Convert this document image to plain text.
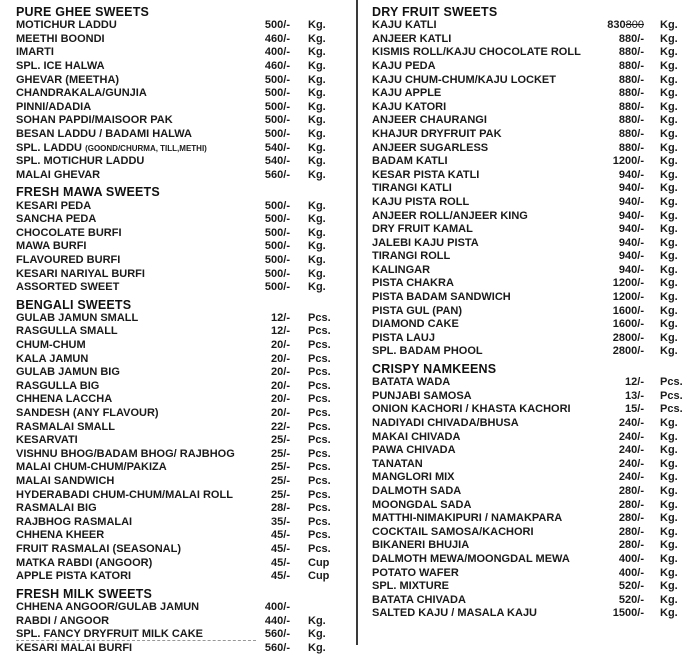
PURE GHEE SWEETS
MOTICHUR LADDU	500/- Kg.
MEETHI BOONDI	460/- Kg.
IMARTI	400/- Kg.
SPL. ICE HALWA	460/- Kg.
GHEVAR (MEETHA)	500/- Kg.
CHANDRAKALA/GUNJIA	500/- Kg.
PINNI/ADADIA	500/- Kg.
SOHAN PAPDI/MAISOOR PAK	500/- Kg.
BESAN LADDU / BADAMI HALWA	500/- Kg.
SPL. LADDU (GOOND/CHURMA, TILL,METHI)	540/- Kg.
SPL. MOTICHUR LADDU	540/- Kg.
MALAI GHEVAR	560/- Kg.
FRESH MAWA SWEETS
KESARI PEDA	500/- Kg.
SANCHA PEDA	500/- Kg.
CHOCOLATE BURFI	500/- Kg.
MAWA BURFI	500/- Kg.
FLAVOURED BURFI	500/- Kg.
KESARI NARIYAL BURFI	500/- Kg.
ASSORTED SWEET	500/- Kg.
BENGALI SWEETS
GULAB JAMUN SMALL	12/- Pcs.
RASGULLA SMALL	12/- Pcs.
CHUM-CHUM	20/- Pcs.
KALA JAMUN	20/- Pcs.
GULAB JAMUN BIG	20/- Pcs.
RASGULLA BIG	20/- Pcs.
CHHENA LACCHA	20/- Pcs.
SANDESH (ANY FLAVOUR)	20/- Pcs.
RASMALAI SMALL	22/- Pcs.
KESARVATI	25/- Pcs.
VISHNU BHOG/BADAM BHOG/ RAJBHOG	25/- Pcs.
MALAI CHUM-CHUM/PAKIZA	25/- Pcs.
MALAI SANDWICH	25/- Pcs.
HYDERABADI CHUM-CHUM/MALAI ROLL	25/- Pcs.
RASMALAI BIG	28/- Pcs.
RAJBHOG RASMALAI	35/- Pcs.
CHHENA KHEER	45/- Pcs.
FRUIT RASMALAI (SEASONAL)	45/- Pcs.
MATKA RABDI (ANGOOR)	45/- Cup
APPLE PISTA KATORI	45/- Cup
FRESH MILK SWEETS
CHHENA ANGOOR/GULAB JAMUN	400/-
RABDI / ANGOOR	440/- Kg.
SPL. FANCY DRYFRUIT MILK CAKE	560/- Kg.
KESARI MALAI BURFI	560/- Kg.
DRY FRUIT SWEETS
KAJU KATLI	830800 Kg.
ANJEER KATLI	880/- Kg.
KISMIS ROLL/KAJU CHOCOLATE ROLL	880/- Kg.
KAJU PEDA	880/- Kg.
KAJU CHUM-CHUM/KAJU LOCKET	880/- Kg.
KAJU APPLE	880/- Kg.
KAJU KATORI	880/- Kg.
ANJEER CHAURANGI	880/- Kg.
KHAJUR DRYFRUIT PAK	880/- Kg.
ANJEER SUGARLESS	880/- Kg.
BADAM KATLI	1200/- Kg.
KESAR PISTA KATLI	940/- Kg.
TIRANGI KATLI	940/- Kg.
KAJU PISTA ROLL	940/- Kg.
ANJEER ROLL/ANJEER KING	940/- Kg.
DRY FRUIT KAMAL	940/- Kg.
JALEBI KAJU PISTA	940/- Kg.
TIRANGI ROLL	940/- Kg.
KALINGAR	940/- Kg.
PISTA CHAKRA	1200/- Kg.
PISTA BADAM SANDWICH	1200/- Kg.
PISTA GUL (PAN)	1600/- Kg.
DIAMOND CAKE	1600/- Kg.
PISTA LAUJ	2800/- Kg.
SPL. BADAM PHOOL	2800/- Kg.
CRISPY NAMKEENS
BATATA WADA	12/- Pcs.
PUNJABI SAMOSA	13/- Pcs.
ONION KACHORI / KHASTA KACHORI	15/- Pcs.
NADIYADI CHIVADA/BHUSA	240/- Kg.
MAKAI CHIVADA	240/- Kg.
PAWA CHIVADA	240/- Kg.
TANATAN	240/- Kg.
MANGLORI MIX	240/- Kg.
DALMOTH SADA	280/- Kg.
MOONGDAL SADA	280/- Kg.
MATTHI-NIMAKIPURI / NAMAKPARA	280/- Kg.
COCKTAIL SAMOSA/KACHORI	280/- Kg.
BIKANERI BHUJIA	280/- Kg.
DALMOTH MEWA/MOONGDAL MEWA	400/- Kg.
POTATO WAFER	400/- Kg.
SPL. MIXTURE	520/- Kg.
BATATA CHIVADA	520/- Kg.
SALTED KAJU / MASALA KAJU	1500/- Kg.
